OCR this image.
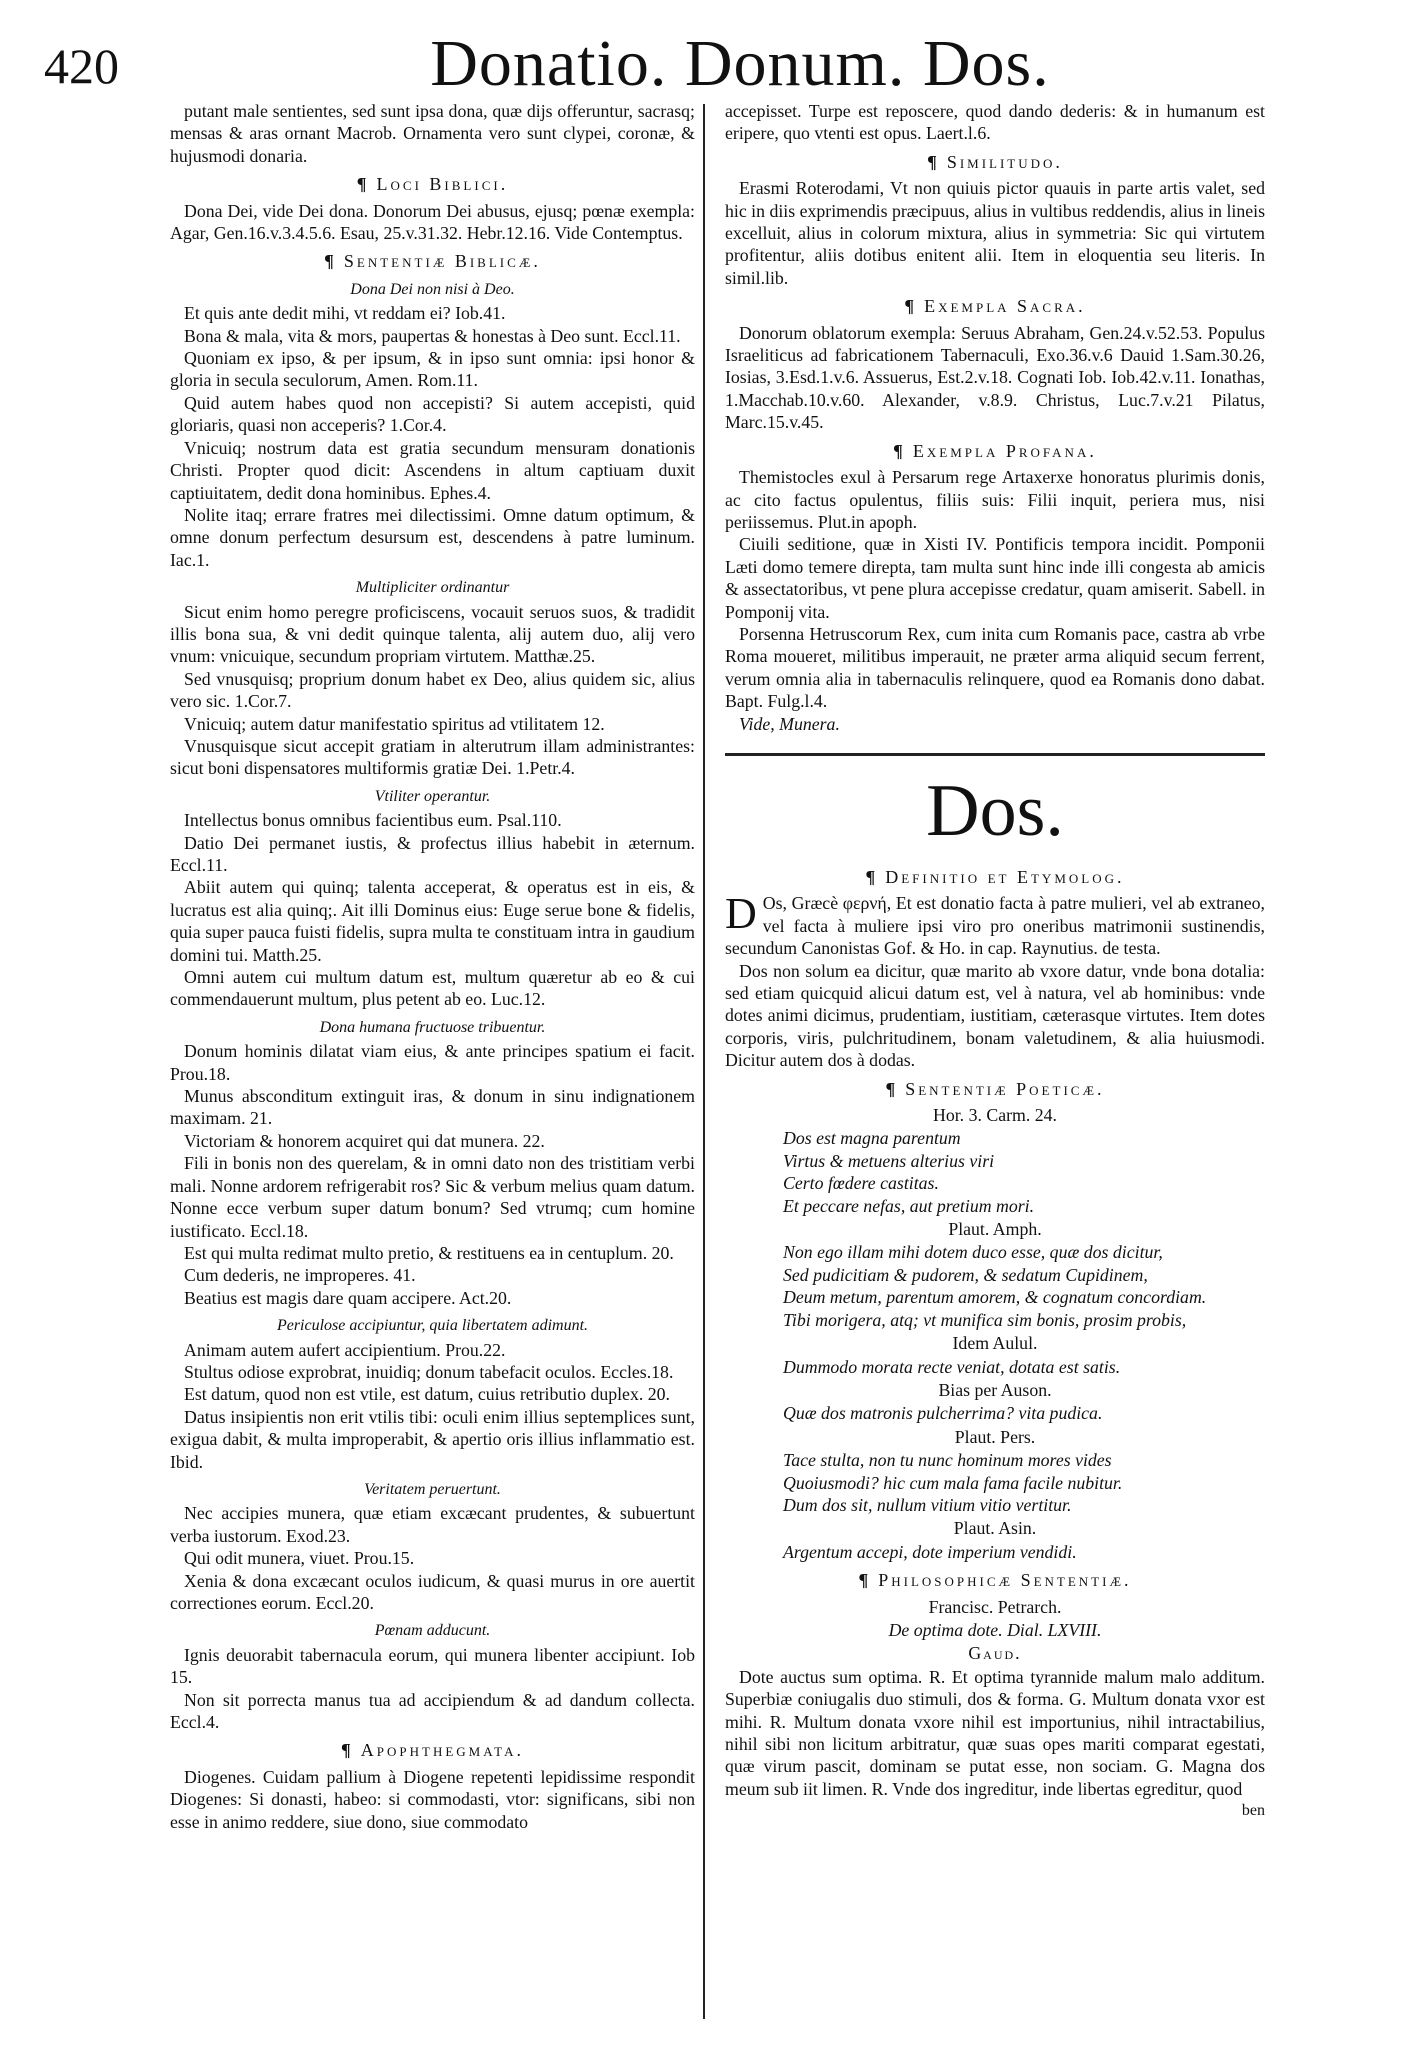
420	Donatio. Donum. Dos.

putant male sentientes, sed sunt ipsa dona, quæ dijs offeruntur, sacrasq; mensas & aras ornant Macrob. Ornamenta vero sunt clypei, coronæ, & hujusmodi donaria.

¶ Loci Biblici.

Dona Dei, vide Dei dona. Donorum Dei abusus, ejusq; pœnæ exempla: Agar, Gen.16.v.3.4.5.6. Esau, 25.v.31.32. Hebr.12.16. Vide Contemptus.

¶ Sententiæ Biblicæ.
Dona Dei non nisi à Deo.

Et quis ante dedit mihi, vt reddam ei? Iob.41.

Bona & mala, vita & mors, paupertas & honestas à Deo sunt. Eccl.11.

Quoniam ex ipso, & per ipsum, & in ipso sunt omnia: ipsi honor & gloria in secula seculorum, Amen. Rom.11.

Quid autem habes quod non accepisti? Si autem accepisti, quid gloriaris, quasi non acceperis? 1.Cor.4.

Vnicuiq; nostrum data est gratia secundum mensuram donationis Christi. Propter quod dicit: Ascendens in altum captiuam duxit captiuitatem, dedit dona hominibus. Ephes.4.

Nolite itaq; errare fratres mei dilectissimi. Omne datum optimum, & omne donum perfectum desursum est, descendens à patre luminum. Iac.1.

Multipliciter ordinantur

Sicut enim homo peregre proficiscens, vocauit seruos suos, & tradidit illis bona sua, & vni dedit quinque talenta, alij autem duo, alij vero vnum: vnicuique, secundum propriam virtutem. Matthæ.25.

Sed vnusquisq; proprium donum habet ex Deo, alius quidem sic, alius vero sic. 1.Cor.7.

Vnicuiq; autem datur manifestatio spiritus ad vtilitatem 12.

Vnusquisque sicut accepit gratiam in alterutrum illam administrantes: sicut boni dispensatores multiformis gratiæ Dei. 1.Petr.4.

Vtiliter operantur.

Intellectus bonus omnibus facientibus eum. Psal.110.

Datio Dei permanet iustis, & profectus illius habebit in æternum. Eccl.11.

Abiit autem qui quinq; talenta acceperat, & operatus est in eis, & lucratus est alia quinq;. Ait illi Dominus eius: Euge serue bone & fidelis, quia super pauca fuisti fidelis, supra multa te constituam intra in gaudium domini tui. Matth.25.

Omni autem cui multum datum est, multum quæretur ab eo & cui commendauerunt multum, plus petent ab eo. Luc.12.

Dona humana fructuose tribuentur.

Donum hominis dilatat viam eius, & ante principes spatium ei facit. Prou.18.

Munus absconditum extinguit iras, & donum in sinu indignationem maximam. 21.

Victoriam & honorem acquiret qui dat munera. 22.

Fili in bonis non des querelam, & in omni dato non des tristitiam verbi mali. Nonne ardorem refrigerabit ros? Sic & verbum melius quam datum. Nonne ecce verbum super datum bonum? Sed vtrumq; cum homine iustificato. Eccl.18.

Est qui multa redimat multo pretio, & restituens ea in centuplum. 20.

Cum dederis, ne improperes. 41.

Beatius est magis dare quam accipere. Act.20.

Periculose accipiuntur, quia libertatem adimunt.

Animam autem aufert accipientium. Prou.22.

Stultus odiose exprobrat, inuidiq; donum tabefacit oculos. Eccles.18.

Est datum, quod non est vtile, est datum, cuius retributio duplex. 20.

Datus insipientis non erit vtilis tibi: oculi enim illius septemplices sunt, exigua dabit, & multa improperabit, & apertio oris illius inflammatio est. Ibid.

Veritatem peruertunt.

Nec accipies munera, quæ etiam excæcant prudentes, & subuertunt verba iustorum. Exod.23.

Qui odit munera, viuet. Prou.15.

Xenia & dona excæcant oculos iudicum, & quasi murus in ore auertit correctiones eorum. Eccl.20.

Pœnam adducunt.

Ignis deuorabit tabernacula eorum, qui munera libenter accipiunt. Iob 15.

Non sit porrecta manus tua ad accipiendum & ad dandum collecta. Eccl.4.

¶ Apophthegmata.

Diogenes. Cuidam pallium à Diogene repetenti lepidissime respondit Diogenes: Si donasti, habeo: si commodasti, vtor: significans, sibi non esse in animo reddere, siue dono, siue commodato

accepisset. Turpe est reposcere, quod dando dederis: & in humanum est eripere, quo vtenti est opus. Laert.l.6.

¶ Similitudo.

Erasmi Roterodami, Vt non quiuis pictor quauis in parte artis valet, sed hic in diis exprimendis præcipuus, alius in vultibus reddendis, alius in lineis excelluit, alius in colorum mixtura, alius in symmetria: Sic qui virtutem profitentur, aliis dotibus enitent alii. Item in eloquentia seu literis. In simil.lib.

¶ Exempla Sacra.

Donorum oblatorum exempla: Seruus Abraham, Gen.24.v.52.53. Populus Israeliticus ad fabricationem Tabernaculi, Exo.36.v.6 Dauid 1.Sam.30.26, Iosias, 3.Esd.1.v.6. Assuerus, Est.2.v.18. Cognati Iob. Iob.42.v.11. Ionathas, 1.Macchab.10.v.60. Alexander, v.8.9. Christus, Luc.7.v.21 Pilatus, Marc.15.v.45.

¶ Exempla Profana.

Themistocles exul à Persarum rege Artaxerxe honoratus plurimis donis, ac cito factus opulentus, filiis suis: Filii inquit, periera mus, nisi periissemus. Plut.in apoph.

Ciuili seditione, quæ in Xisti IV. Pontificis tempora incidit. Pomponii Læti domo temere direpta, tam multa sunt hinc inde illi congesta ab amicis & assectatoribus, vt pene plura accepisse credatur, quam amiserit. Sabell. in Pomponij vita.

Porsenna Hetruscorum Rex, cum inita cum Romanis pace, castra ab vrbe Roma moueret, militibus imperauit, ne præter arma aliquid secum ferrent, verum omnia alia in tabernaculis relinquere, quod ea Romanis dono dabat. Bapt. Fulg.l.4.

Vide, Munera.

Dos.
¶ Definitio et Etymolog.

D Os, Græcè φερνή, Et est donatio facta à patre mulieri, vel ab extraneo, vel facta à muliere ipsi viro pro oneribus matrimonii sustinendis, secundum Canonistas Gof. & Ho. in cap. Raynutius. de testa.

Dos non solum ea dicitur, quæ marito ab vxore datur, vnde bona dotalia: sed etiam quicquid alicui datum est, vel à natura, vel ab hominibus: vnde dotes animi dicimus, prudentiam, iustitiam, cæterasque virtutes. Item dotes corporis, viris, pulchritudinem, bonam valetudinem, & alia huiusmodi. Dicitur autem dos à dodas.

¶ Sententiæ Poeticæ.
Hor. 3. Carm. 24.
Dos est magna parentum
Virtus & metuens alterius viri
Certo fœdere castitas.
Et peccare nefas, aut pretium mori.
Plaut. Amph.
Non ego illam mihi dotem duco esse, quæ dos dicitur,
Sed pudicitiam & pudorem, & sedatum Cupidinem,
Deum metum, parentum amorem, & cognatum concordiam.
Tibi morigera, atq; vt munifica sim bonis, prosim probis,
Idem Aulul.
Dummodo morata recte veniat, dotata est satis.
Bias per Auson.
Quæ dos matronis pulcherrima? vita pudica.
Plaut. Pers.
Tace stulta, non tu nunc hominum mores vides
Quoiusmodi? hic cum mala fama facile nubitur.
Dum dos sit, nullum vitium vitio vertitur.
Plaut. Asin.
Argentum accepi, dote imperium vendidi.
¶ Philosophicæ Sententiæ.
Francisc. Petrarch.
De optima dote. Dial. LXVIII.
Gaud.

Dote auctus sum optima. R. Et optima tyrannide malum malo additum. Superbiæ coniugalis duo stimuli, dos & forma. G. Multum donata vxor est mihi. R. Multum donata vxore nihil est importunius, nihil intractabilius, nihil sibi non licitum arbitratur, quæ suas opes mariti comparat egestati, quæ virum pascit, dominam se putat esse, non sociam. G. Magna dos meum sub iit limen. R. Vnde dos ingreditur, inde libertas egreditur, quod

ben
